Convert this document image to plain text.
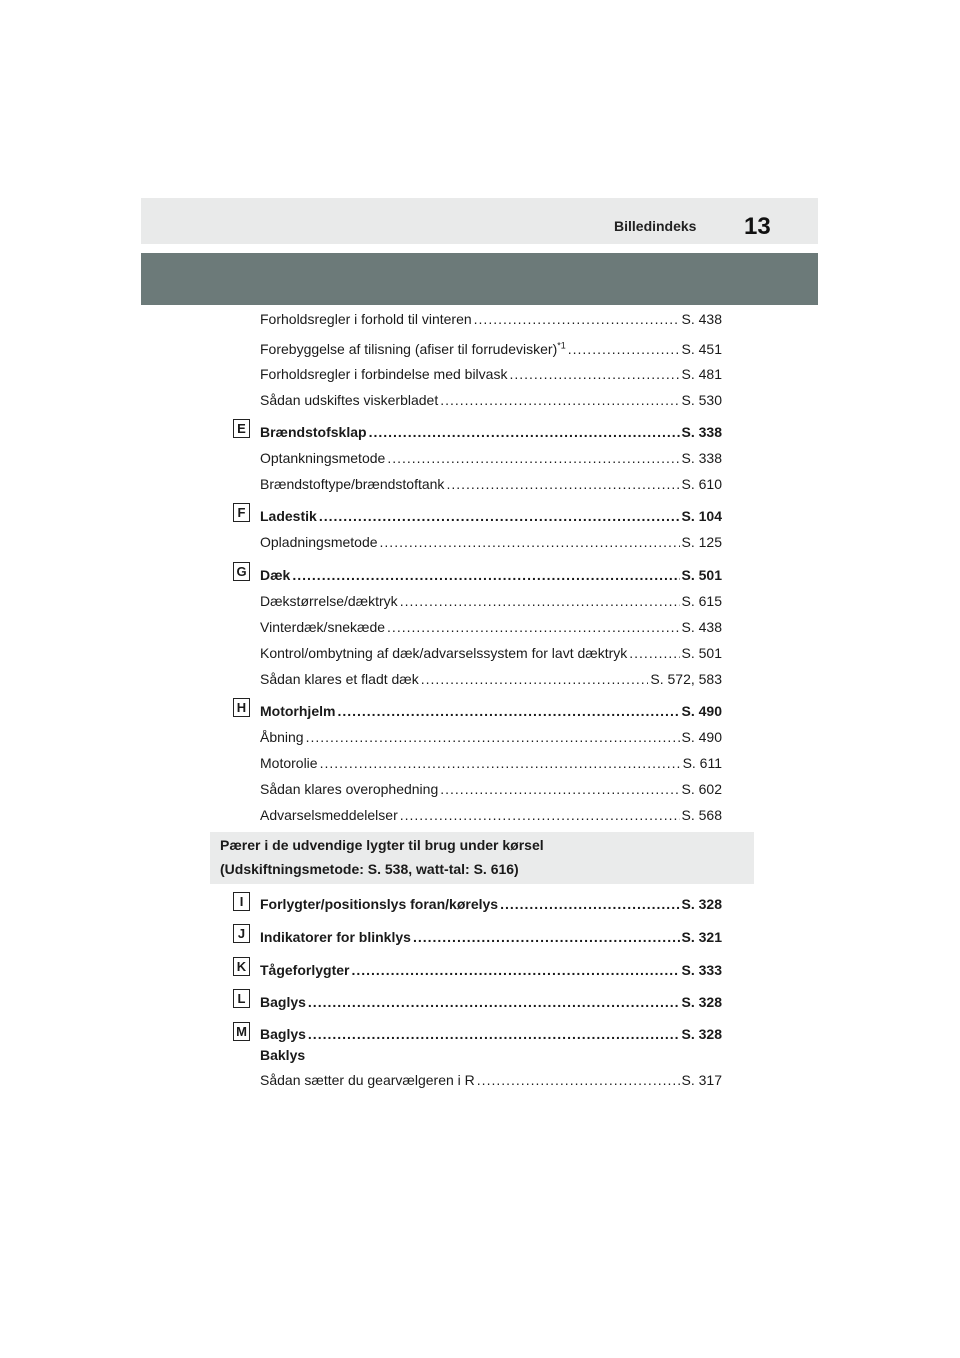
Billedindeks 13
Forholdsregler i forhold til vinteren .....	S. 438
Forebyggelse af tilisning (afiser til forrudevisker)$^{*1}$ .....	S. 451
Forholdsregler i forbindelse med bilvask .....	S. 481
Sådan udskiftes viskerbladet .....	S. 530
E Brændstofsklap .....	S. 338
Optankningsmetode .....	S. 338
Brændstoftype/brændstoftank .....	S. 610
F	Ladestik .....	S. 104
Opladningsmetode .....	S. 125
G Dæk .....	S. 501
Dækstørrelse/dæktryk .....	S. 615
Vinterdæk/snekæde .....	S. 438
Kontrol/ombytning af dæk/advarselssystem for lavt dæktryk .....	S. 501
Sådan klares et fladt dæk .....	S. 572, 583
H Motorhjelm .....	S. 490
Åbning .....	S. 490
Motorolie .....	S. 611
Sådan klares overophedning .....	S. 602
Advarselsmeddelelser .....	S. 568
Pærer i de udvendige lygter til brug under kørsel
(Udskiftningsmetode: S. 538, watt-tal: S. 616)
I	Forlygter/positionslys foran/kørelys .....	S. 328
J	Indikatorer for blinklys .....	S. 321
K Tågeforlygter .....	S. 333
L	Baglys .....	S. 328
M Baglys .....	S. 328
Baklys
Sådan sætter du gearvælgeren i R .....	S. 317
